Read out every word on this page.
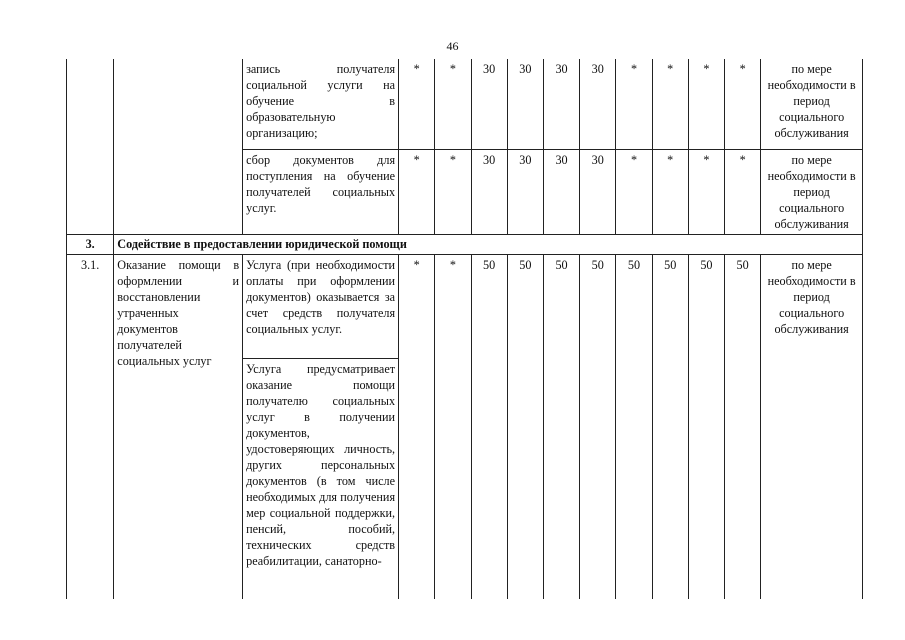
46
		запись получателя социальной услуги на обучение в образовательную организацию;	*	*	30	30	30	30	*	*	*	*	по мере необходимости в период социального обслуживания
		сбор документов для поступления на обучение получателей социальных услуг.	*	*	30	30	30	30	*	*	*	*	по мере необходимости в период социального обслуживания
3.	Содействие в предоставлении юридической помощи												
3.1.	Оказание помощи в оформлении и восстановлении утраченных документов получателей социальных услуг	Услуга (при необходимости оплаты при оформлении документов) оказывается за счет средств получателя социальных услуг.	*	*	50	50	50	50	50	50	50	50	по мере необходимости в период социального обслуживания
		Услуга предусматривает оказание помощи получателю социальных услуг в получении документов, удостоверяющих личность, других персональных документов (в том числе необходимых для получения мер социальной поддержки, пенсий, пособий, технических средств реабилитации, санаторно-											
